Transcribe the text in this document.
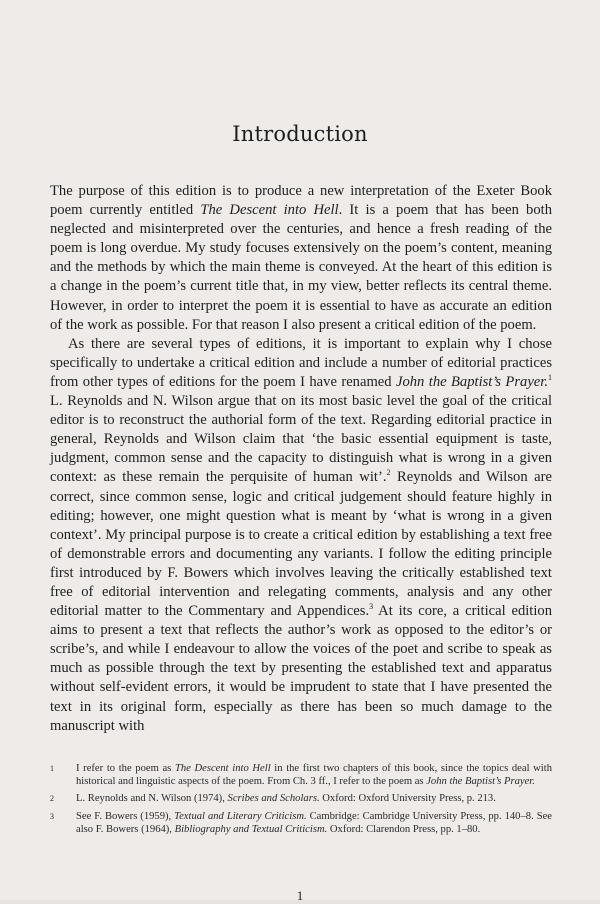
Introduction

The purpose of this edition is to produce a new interpretation of the Exeter Book poem currently entitled The Descent into Hell. It is a poem that has been both neglected and misinterpreted over the centuries, and hence a fresh reading of the poem is long overdue. My study focuses extensively on the poem’s content, meaning and the methods by which the main theme is conveyed. At the heart of this edition is a change in the poem’s current title that, in my view, better reflects its central theme. However, in order to interpret the poem it is essential to have as accurate an edition of the work as possible. For that reason I also present a critical edition of the poem.

As there are several types of editions, it is important to explain why I chose specifically to undertake a critical edition and include a number of editorial practices from other types of editions for the poem I have renamed John the Baptist’s Prayer.$^1$ L. Reynolds and N. Wilson argue that on its most basic level the goal of the critical editor is to reconstruct the authorial form of the text. Regarding editorial practice in general, Reynolds and Wilson claim that ‘the basic essential equipment is taste, judgment, common sense and the capacity to distinguish what is wrong in a given context: as these remain the perquisite of human wit’.$^2$ Reynolds and Wilson are correct, since common sense, logic and critical judgement should feature highly in editing; however, one might question what is meant by ‘what is wrong in a given context’. My principal purpose is to create a critical edition by establishing a text free of demonstrable errors and documenting any variants. I follow the editing principle first introduced by F. Bowers which involves leaving the critically established text free of editorial intervention and relegating comments, analysis and any other editorial matter to the Commentary and Appendices.$^3$ At its core, a critical edition aims to present a text that reflects the author’s work as opposed to the editor’s or scribe’s, and while I endeavour to allow the voices of the poet and scribe to speak as much as possible through the text by presenting the established text and apparatus without self-evident errors, it would be imprudent to state that I have presented the text in its original form, especially as there has been so much damage to the manuscript with

1 I refer to the poem as The Descent into Hell in the first two chapters of this book, since the topics deal with historical and linguistic aspects of the poem. From Ch. 3 ff., I refer to the poem as John the Baptist’s Prayer.
2 L. Reynolds and N. Wilson (1974), Scribes and Scholars. Oxford: Oxford University Press, p. 213.
3 See F. Bowers (1959), Textual and Literary Criticism. Cambridge: Cambridge University Press, pp. 140–8. See also F. Bowers (1964), Bibliography and Textual Criticism. Oxford: Clarendon Press, pp. 1–80.
1
